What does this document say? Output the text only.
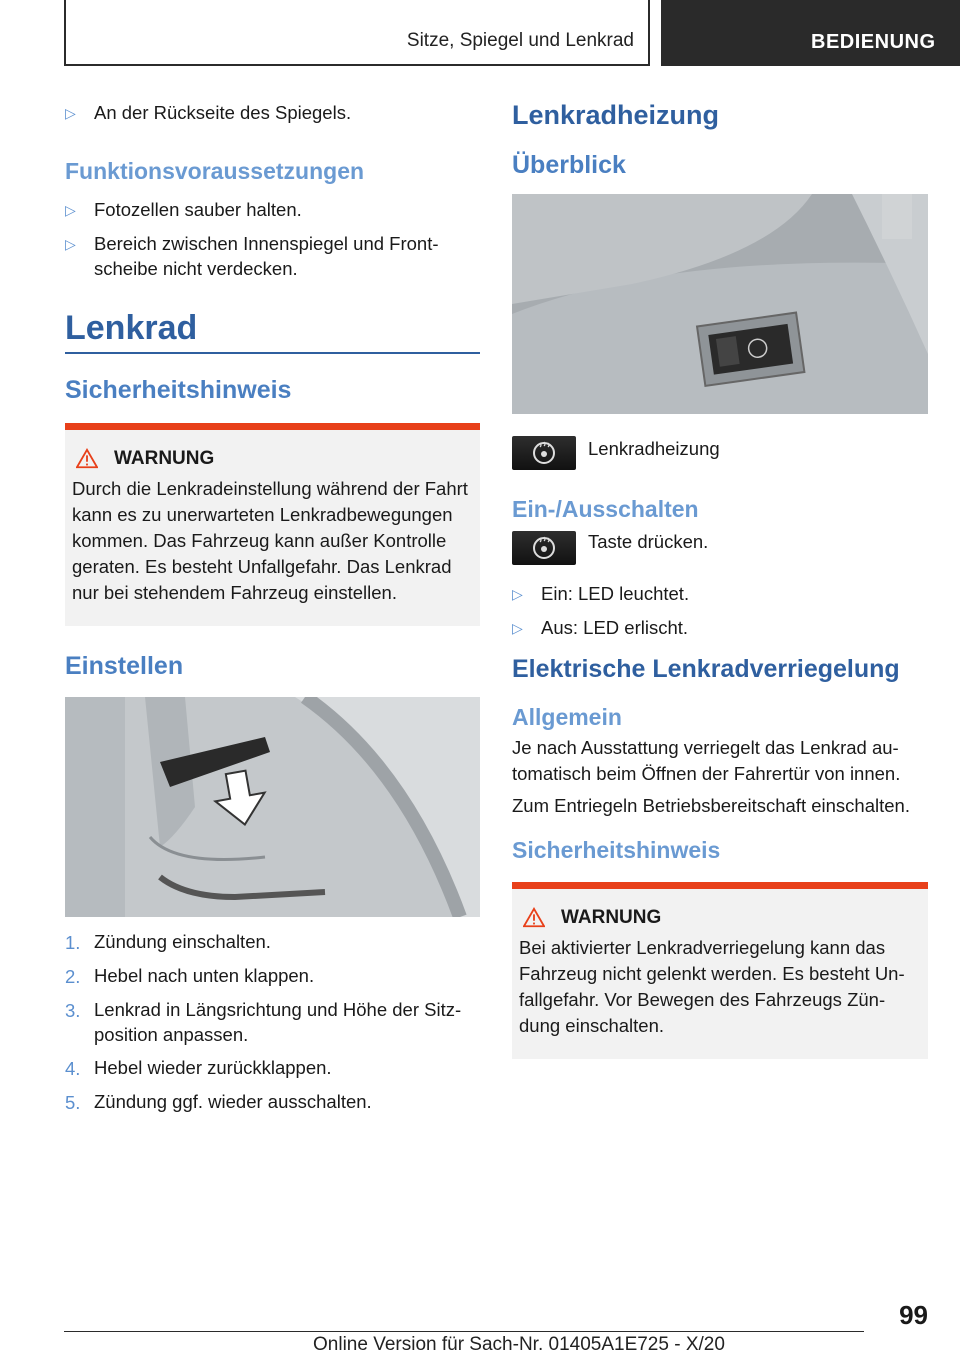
Sitze, Spiegel und Lenkrad	BEDIENUNG
▷ An der Rückseite des Spiegels.
Funktionsvoraussetzungen
▷ Fotozellen sauber halten.
▷ Bereich zwischen Innenspiegel und Frontscheibe nicht verdecken.
Lenkrad
Sicherheitshinweis
WARNUNG
Durch die Lenkradeinstellung während der Fahrt kann es zu unerwarteten Lenkradbewegungen kommen. Das Fahrzeug kann außer Kontrolle geraten. Es besteht Unfallgefahr. Das Lenkrad nur bei stehendem Fahrzeug einstellen.
Einstellen
1. Zündung einschalten.
2. Hebel nach unten klappen.
3. Lenkrad in Längsrichtung und Höhe der Sitzposition anpassen.
4. Hebel wieder zurückklappen.
5. Zündung ggf. wieder ausschalten.
Lenkradheizung
Überblick
Lenkradheizung
Ein-/Ausschalten
Taste drücken.
▷ Ein: LED leuchtet.
▷ Aus: LED erlischt.
Elektrische Lenkradverriegelung
Allgemein
Je nach Ausstattung verriegelt das Lenkrad automatisch beim Öffnen der Fahrertür von innen.
Zum Entriegeln Betriebsbereitschaft einschalten.
Sicherheitshinweis
WARNUNG
Bei aktivierter Lenkradverriegelung kann das Fahrzeug nicht gelenkt werden. Es besteht Unfallgefahr. Vor Bewegen des Fahrzeugs Zündung einschalten.
99
Online Version für Sach-Nr. 01405A1E725 - X/20
